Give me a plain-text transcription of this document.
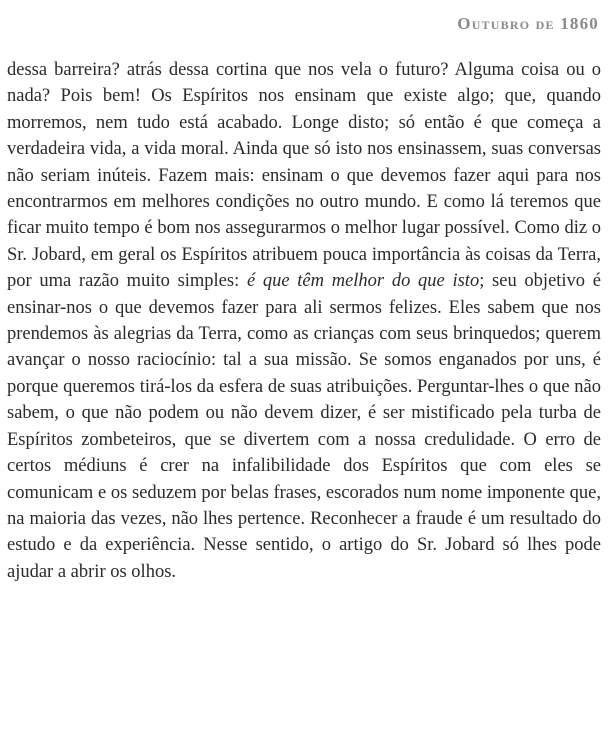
Outubro de 1860

dessa barreira? atrás dessa cortina que nos vela o futuro? Alguma coisa ou o nada? Pois bem! Os Espíritos nos ensinam que existe algo; que, quando morremos, nem tudo está acabado. Longe disto; só então é que começa a verdadeira vida, a vida moral. Ainda que só isto nos ensinassem, suas conversas não seriam inúteis. Fazem mais: ensinam o que devemos fazer aqui para nos encontrarmos em melhores condições no outro mundo. E como lá teremos que ficar muito tempo é bom nos assegurarmos o melhor lugar possível. Como diz o Sr. Jobard, em geral os Espíritos atribuem pouca importância às coisas da Terra, por uma razão muito simples: é que têm melhor do que isto; seu objetivo é ensinar-nos o que devemos fazer para ali sermos felizes. Eles sabem que nos prendemos às alegrias da Terra, como as crianças com seus brinquedos; querem avançar o nosso raciocínio: tal a sua missão. Se somos enganados por uns, é porque queremos tirá-los da esfera de suas atribuições. Perguntar-lhes o que não sabem, o que não podem ou não devem dizer, é ser mistificado pela turba de Espíritos zombeteiros, que se divertem com a nossa credulidade. O erro de certos médiuns é crer na infalibilidade dos Espíritos que com eles se comunicam e os seduzem por belas frases, escorados num nome imponente que, na maioria das vezes, não lhes pertence. Reconhecer a fraude é um resultado do estudo e da experiência. Nesse sentido, o artigo do Sr. Jobard só lhes pode ajudar a abrir os olhos.
